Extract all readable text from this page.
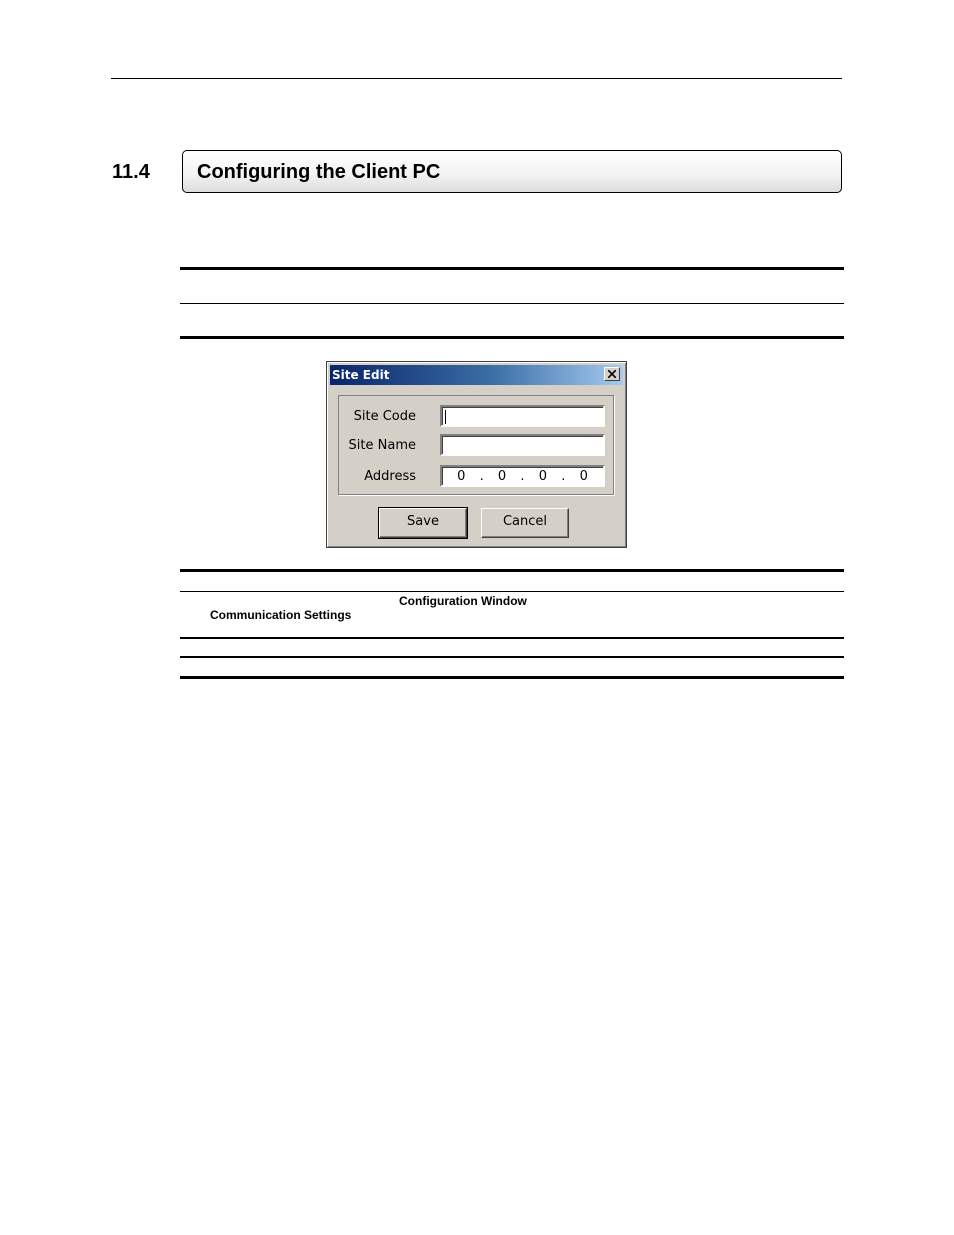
11.4 Configuring the Client PC
Site Edit
Site Code
Site Name
Address	0 . 0 . 0 . 0
Save	Cancel
Configuration Window
Communication Settings
